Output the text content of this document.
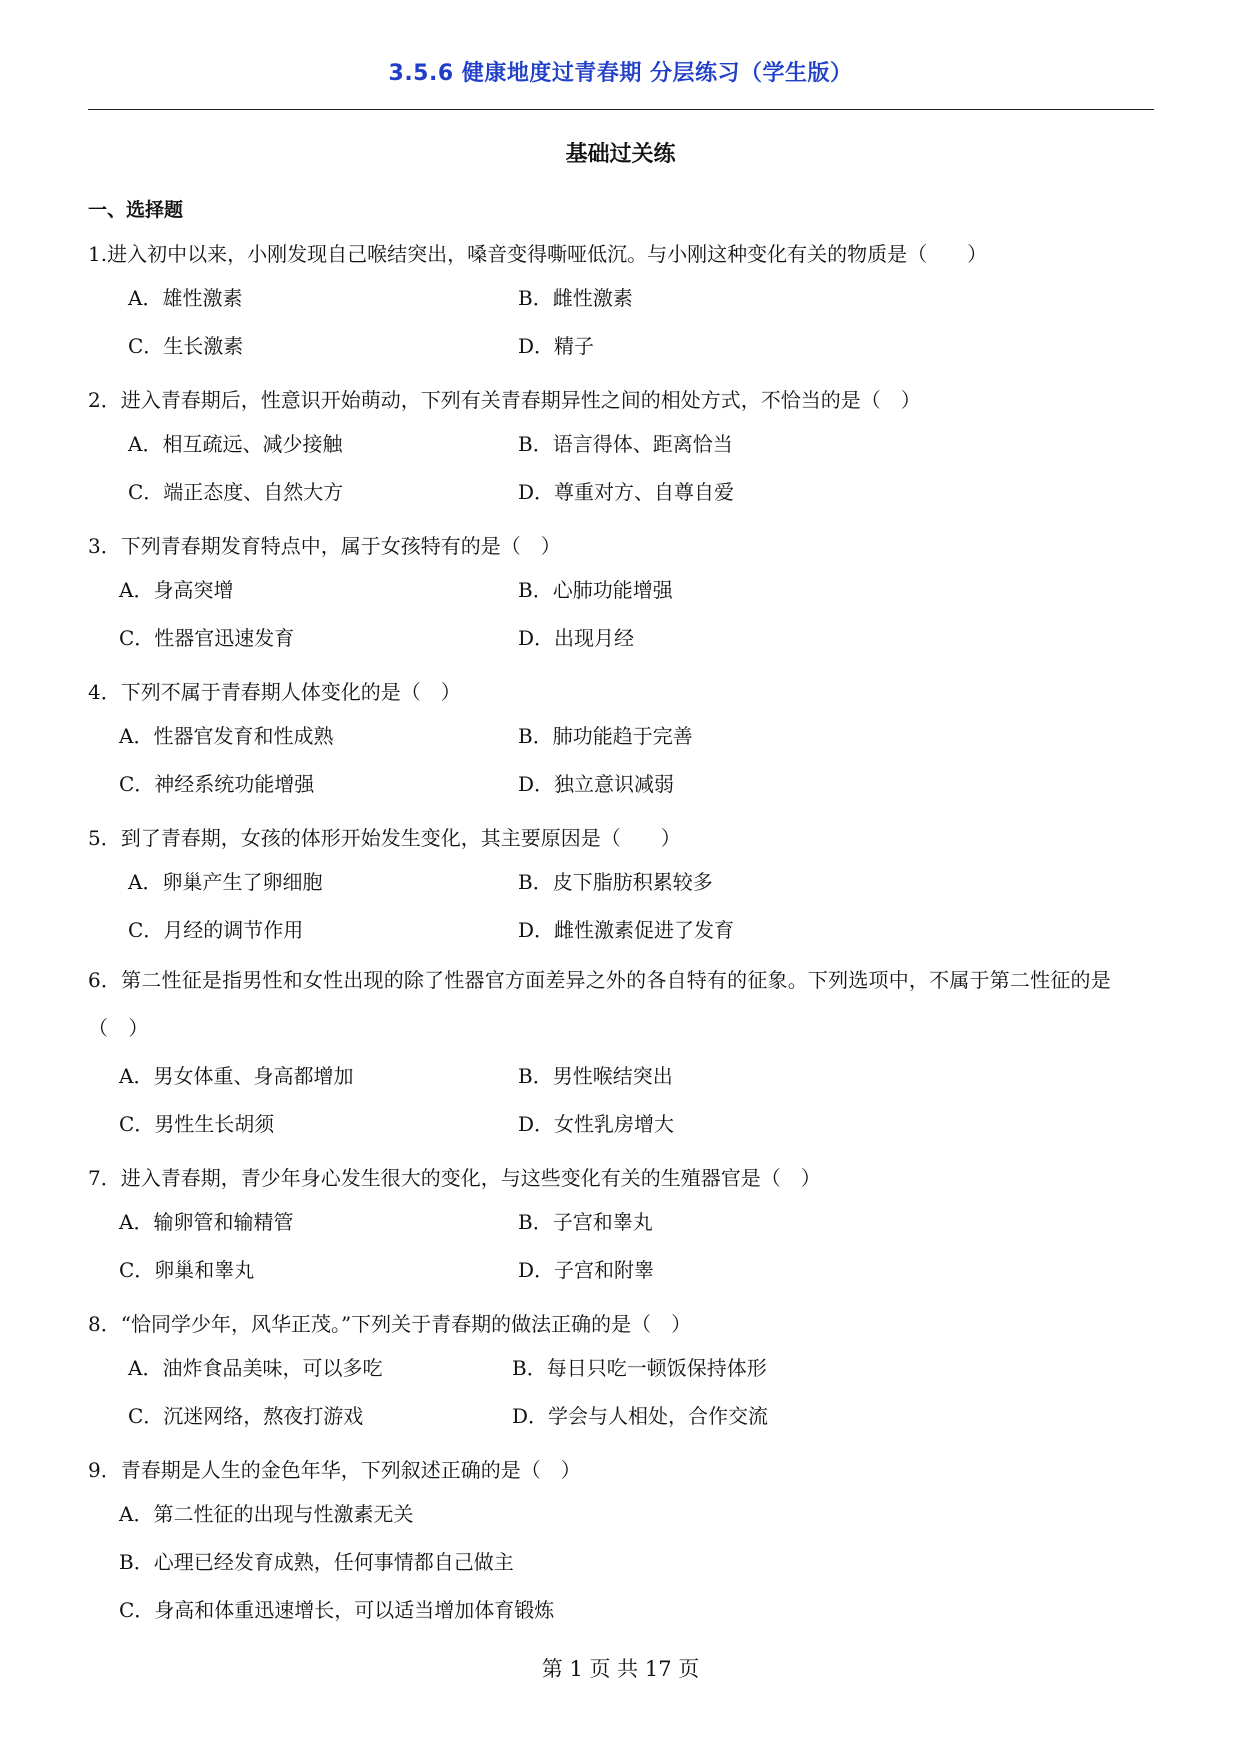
3.5.6 健康地度过青春期 分层练习（学生版）
基础过关练
一、选择题
1.进入初中以来，小刚发现自己喉结突出，嗓音变得嘶哑低沉。与小刚这种变化有关的物质是（　　）
A．雄性激素	B．雌性激素
C．生长激素	D．精子
2．进入青春期后，性意识开始萌动，下列有关青春期异性之间的相处方式，不恰当的是（　）
A．相互疏远、减少接触	B．语言得体、距离恰当
C．端正态度、自然大方	D．尊重对方、自尊自爱
3．下列青春期发育特点中，属于女孩特有的是（　）
A．身高突增	B．心肺功能增强
C．性器官迅速发育	D．出现月经
4．下列不属于青春期人体变化的是（　）
A．性器官发育和性成熟	B．肺功能趋于完善
C．神经系统功能增强	D．独立意识减弱
5．到了青春期，女孩的体形开始发生变化，其主要原因是（　　）
A．卵巢产生了卵细胞	B．皮下脂肪积累较多
C．月经的调节作用	D．雌性激素促进了发育
6．第二性征是指男性和女性出现的除了性器官方面差异之外的各自特有的征象。下列选项中，不属于第二性征的是（　）
A．男女体重、身高都增加	B．男性喉结突出
C．男性生长胡须	D．女性乳房增大
7．进入青春期，青少年身心发生很大的变化，与这些变化有关的生殖器官是（　）
A．输卵管和输精管	B．子宫和睾丸
C．卵巢和睾丸	D．子宫和附睾
8．“恰同学少年，风华正茂。”下列关于青春期的做法正确的是（　）
A．油炸食品美味，可以多吃	B．每日只吃一顿饭保持体形
C．沉迷网络，熬夜打游戏	D．学会与人相处，合作交流
9．青春期是人生的金色年华，下列叙述正确的是（　）
A．第二性征的出现与性激素无关
B．心理已经发育成熟，任何事情都自己做主
C．身高和体重迅速增长，可以适当增加体育锻炼
第 1 页 共 17 页
